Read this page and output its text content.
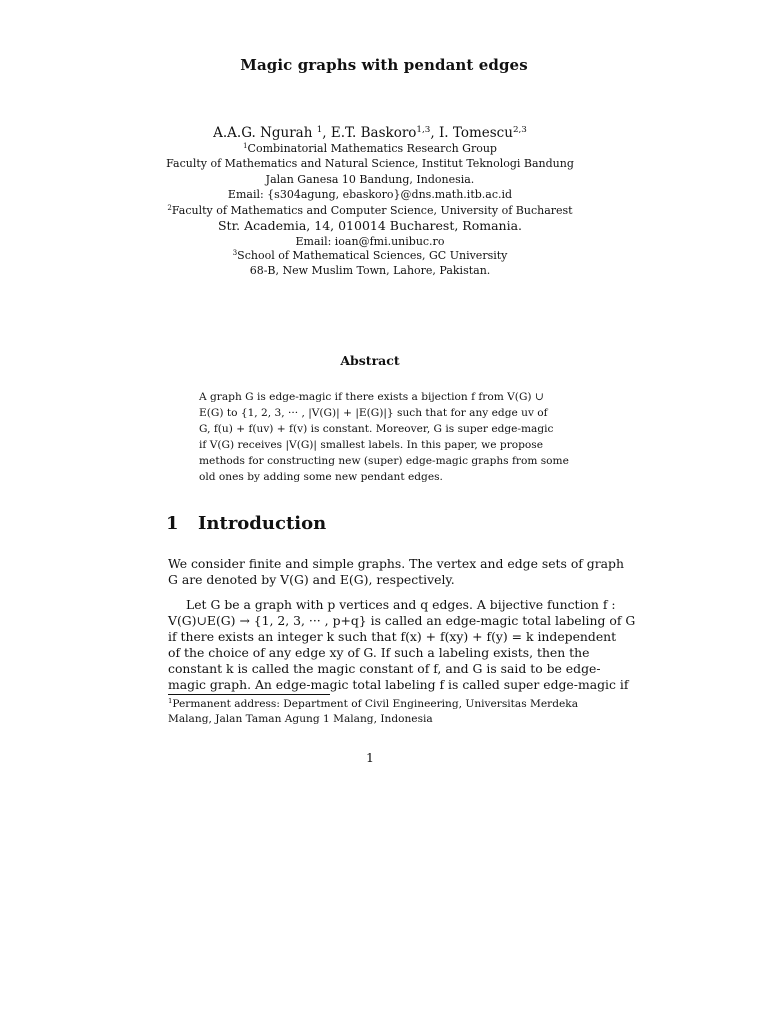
Magic graphs with pendant edges
A.A.G. Ngurah $^1$, E.T. Baskoro$^{1,3}$, I. Tomescu$^{2,3}$
$^1$Combinatorial Mathematics Research Group
Faculty of Mathematics and Natural Science, Institut Teknologi Bandung
Jalan Ganesa 10 Bandung, Indonesia.
Email: {s304agung, ebaskoro}@dns.math.itb.ac.id
$^2$Faculty of Mathematics and Computer Science, University of Bucharest
Str. Academia, 14, 010014 Bucharest, Romania.
Email: ioan@fmi.unibuc.ro
$^3$School of Mathematical Sciences, GC University
68-B, New Muslim Town, Lahore, Pakistan.
Abstract
A graph G is edge-magic if there exists a bijection f from V(G) ∪
E(G) to {1, 2, 3, ··· , |V(G)| + |E(G)|} such that for any edge uv of
G, f(u) + f(uv) + f(v) is constant. Moreover, G is super edge-magic
if V(G) receives |V(G)| smallest labels. In this paper, we propose
methods for constructing new (super) edge-magic graphs from some
old ones by adding some new pendant edges.
1 Introduction
We consider finite and simple graphs. The vertex and edge sets of graph
G are denoted by V(G) and E(G), respectively.
Let G be a graph with p vertices and q edges. A bijective function f :
V(G)∪E(G) → {1, 2, 3, ··· , p+q} is called an edge-magic total labeling of G
if there exists an integer k such that f(x) + f(xy) + f(y) = k independent
of the choice of any edge xy of G. If such a labeling exists, then the
constant k is called the magic constant of f, and G is said to be edge-
magic graph. An edge-magic total labeling f is called super edge-magic if
$^1$Permanent address: Department of Civil Engineering, Universitas Merdeka
Malang, Jalan Taman Agung 1 Malang, Indonesia
1
